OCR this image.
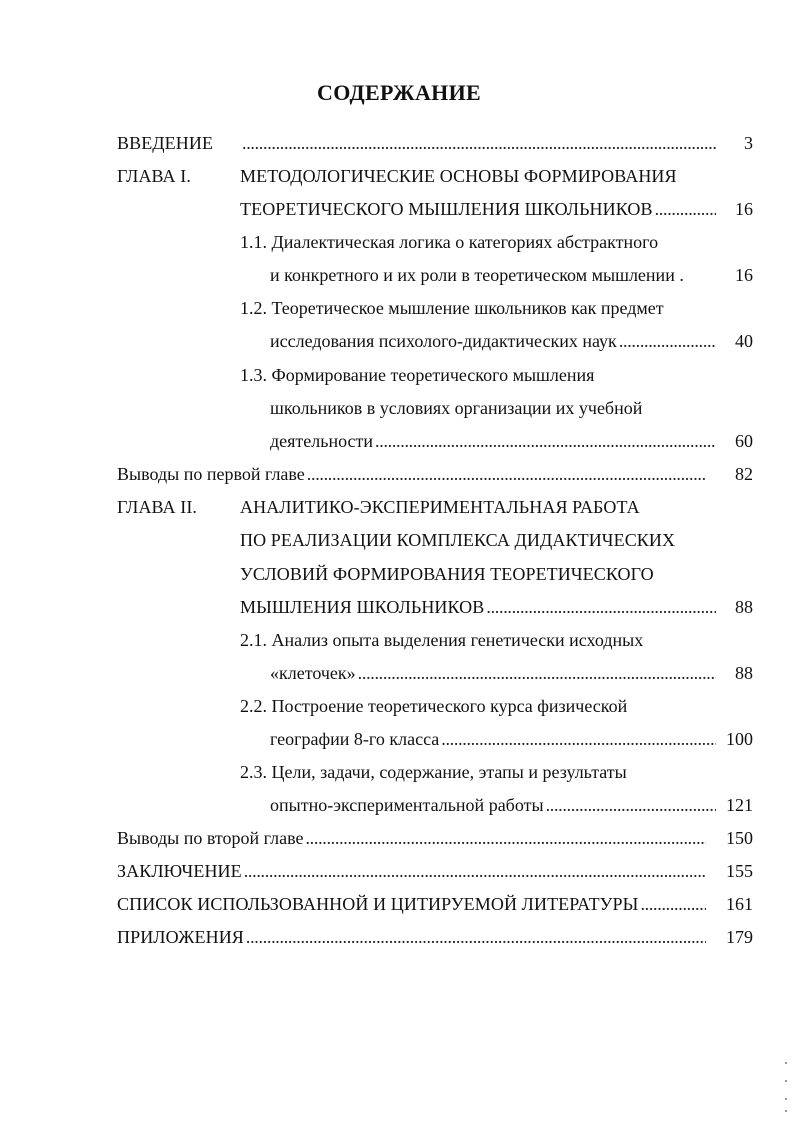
СОДЕРЖАНИЕ
ВВЕДЕНИЕ . . .	3
ГЛАВА I.	МЕТОДОЛОГИЧЕСКИЕ ОСНОВЫ ФОРМИРОВАНИЯ
ТЕОРЕТИЧЕСКОГО МЫШЛЕНИЯ ШКОЛЬНИКОВ . . .	16
1.1. Диалектическая логика о категориях абстрактного
и конкретного и их роли в теоретическом мышлении .	16
1.2. Теоретическое мышление школьников как предмет
исследования психолого-дидактических наук . . .	40
1.3. Формирование теоретического мышления
школьников в условиях организации их учебной
деятельности . . .	60
Выводы по первой главе . . .	82
ГЛАВА II. АНАЛИТИКО-ЭКСПЕРИМЕНТАЛЬНАЯ РАБОТА
ПО РЕАЛИЗАЦИИ КОМПЛЕКСА ДИДАКТИЧЕСКИХ
УСЛОВИЙ ФОРМИРОВАНИЯ ТЕОРЕТИЧЕСКОГО
МЫШЛЕНИЯ ШКОЛЬНИКОВ . . .	88
2.1. Анализ опыта выделения генетически исходных
«клеточек» . . .	88
2.2. Построение теоретического курса физической
географии 8-го класса . . .	100
2.3. Цели, задачи, содержание, этапы и результаты
опытно-экспериментальной работы . . .	121
Выводы по второй главе . . .	150
ЗАКЛЮЧЕНИЕ . . .	155
СПИСОК ИСПОЛЬЗОВАННОЙ И ЦИТИРУЕМОЙ ЛИТЕРАТУРЫ . . .	161
ПРИЛОЖЕНИЯ . . .	179
